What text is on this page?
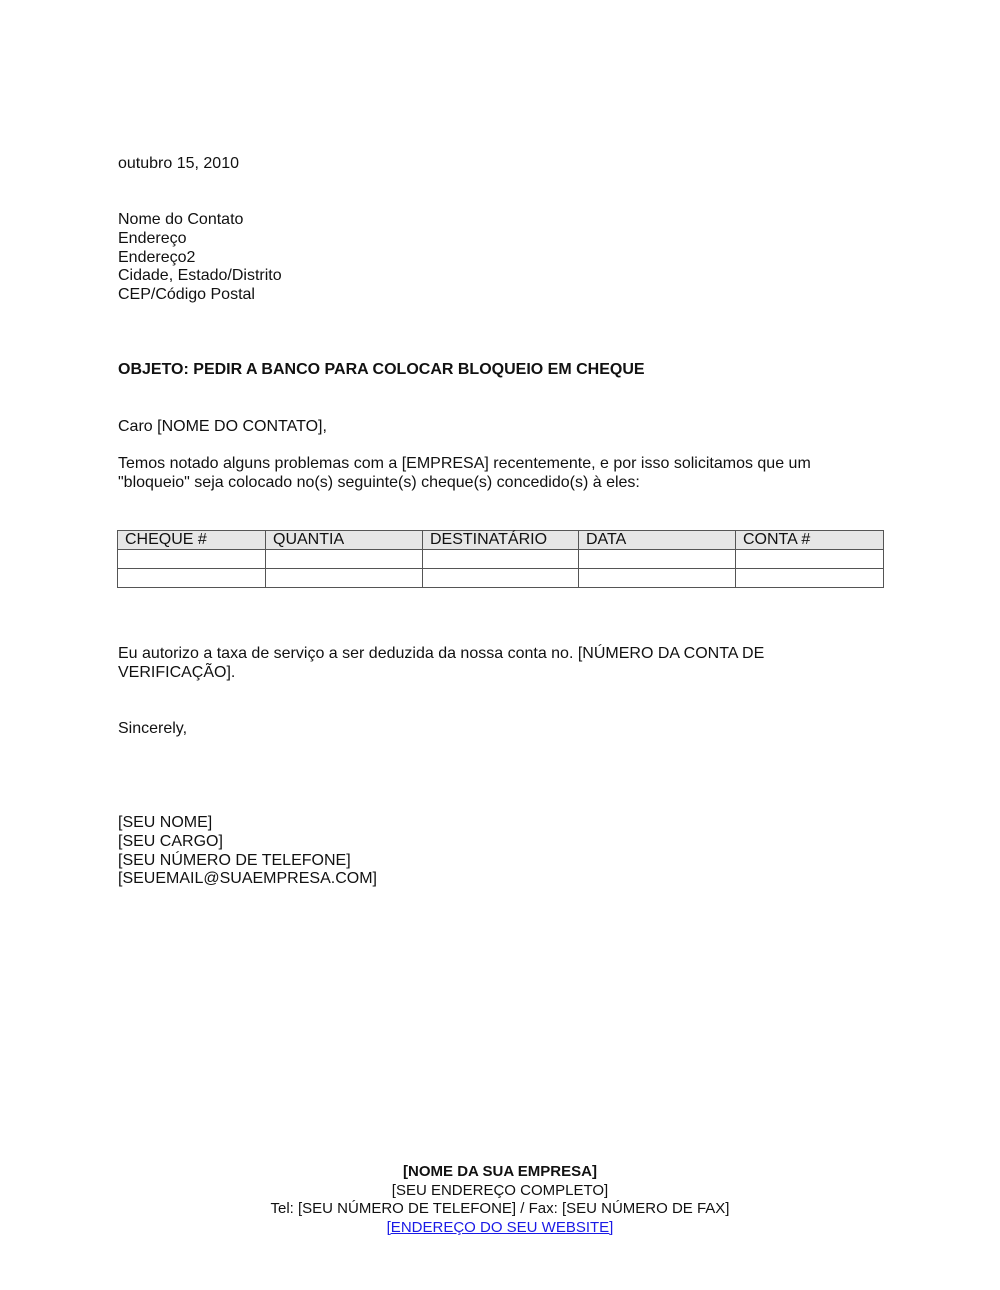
outubro 15, 2010
Nome do Contato
Endereço
Endereço2
Cidade, Estado/Distrito
CEP/Código Postal
OBJETO: PEDIR A BANCO PARA COLOCAR BLOQUEIO EM CHEQUE
Caro [NOME DO CONTATO],
Temos notado alguns problemas com a [EMPRESA] recentemente, e por isso solicitamos que um
"bloqueio" seja colocado no(s) seguinte(s) cheque(s) concedido(s) à eles:
CHEQUE #	QUANTIA	DESTINATÁRIO	DATA	CONTA #

Eu autorizo a taxa de serviço a ser deduzida da nossa conta no. [NÚMERO DA CONTA DE
VERIFICAÇÃO].
Sincerely,
[SEU NOME]
[SEU CARGO]
[SEU NÚMERO DE TELEFONE]
[SEUEMAIL@SUAEMPRESA.COM]
[NOME DA SUA EMPRESA]
[SEU ENDEREÇO COMPLETO]
Tel: [SEU NÚMERO DE TELEFONE] / Fax: [SEU NÚMERO DE FAX]
[ENDEREÇO DO SEU WEBSITE]
